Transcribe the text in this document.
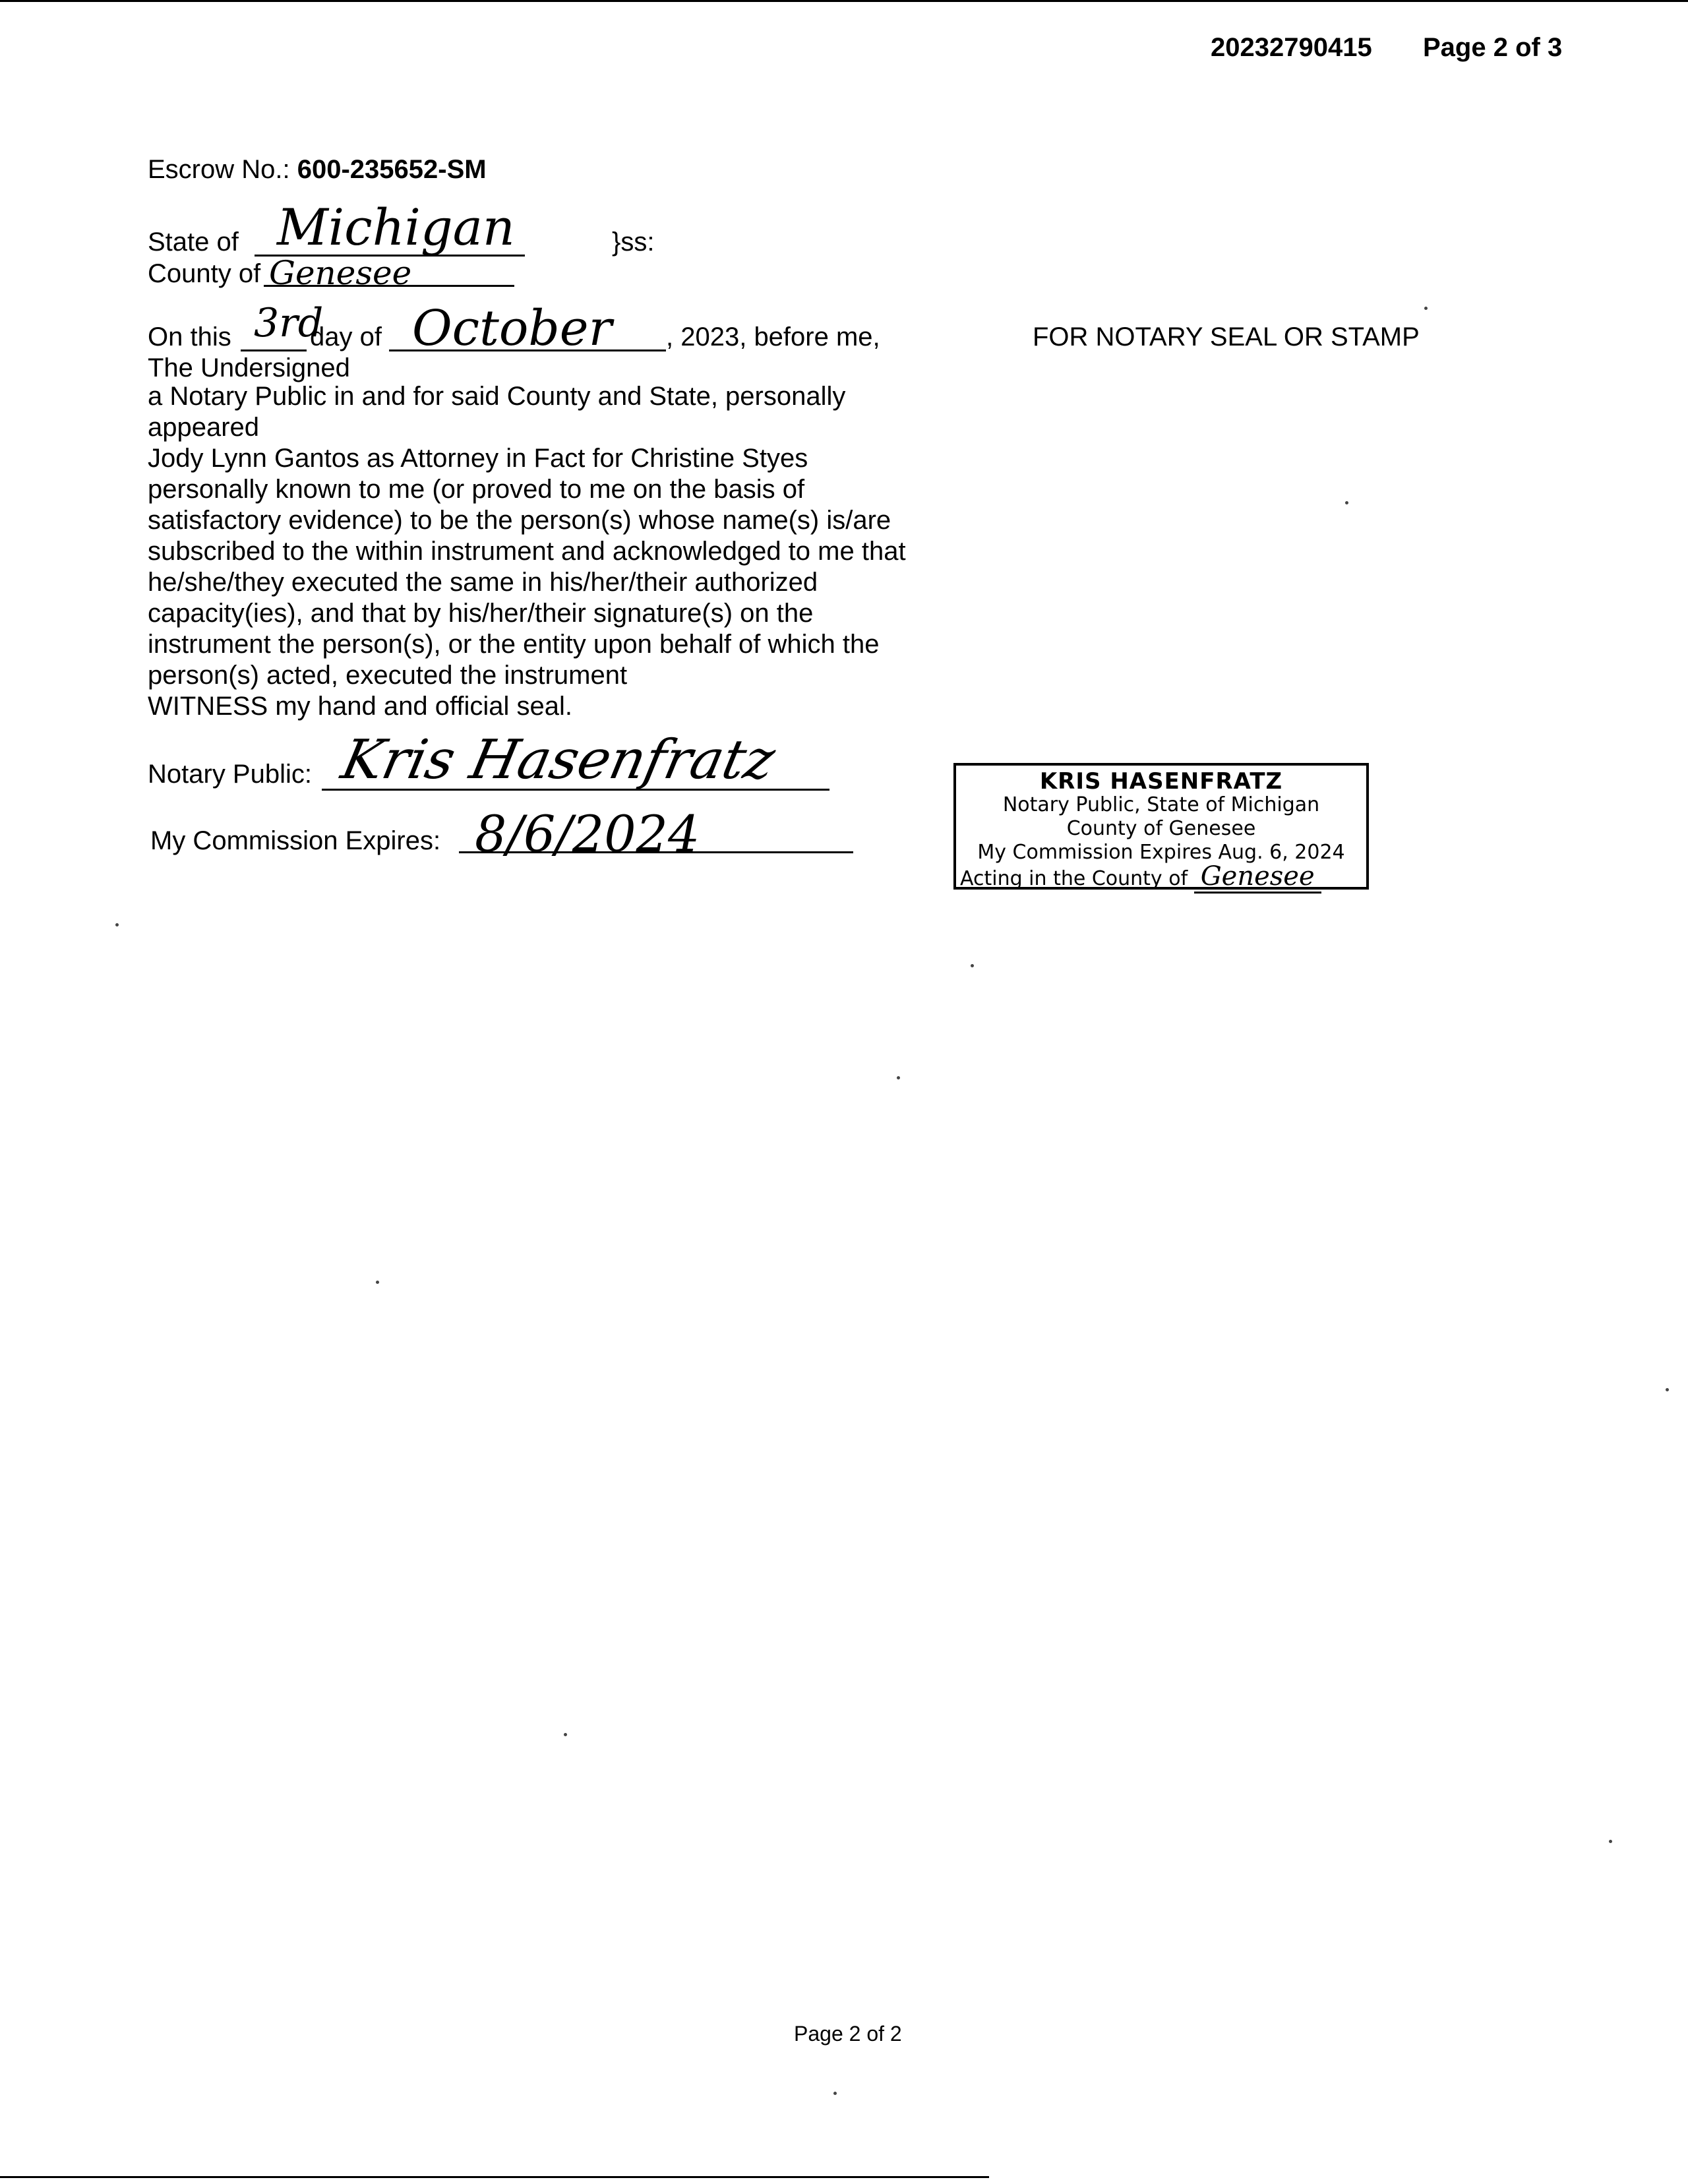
20232790415 Page 2 of 3
Escrow No.: 600-235652-SM
State of Michigan	}ss:
County of Genesee
On this 3rd
day of October , 2023, before me,	FOR NOTARY SEAL OR STAMP
The Undersigned
a Notary Public in and for said County and State, personally
appeared
Jody Lynn Gantos as Attorney in Fact for Christine Styes
personally known to me (or proved to me on the basis of
satisfactory evidence) to be the person(s) whose name(s) is/are
subscribed to the within instrument and acknowledged to me that
he/she/they executed the same in his/her/their authorized
capacity(ies), and that by his/her/their signature(s) on the
instrument the person(s), or the entity upon behalf of which the
person(s) acted, executed the instrument
WITNESS my hand and official seal.
Notary Public: Kris Hasenfratz
My Commission Expires: 8/6/2024
KRIS HASENFRATZ
Notary Public, State of Michigan
County of Genesee
My Commission Expires Aug. 6, 2024
Acting in the County of Genesee
Page 2 of 2
